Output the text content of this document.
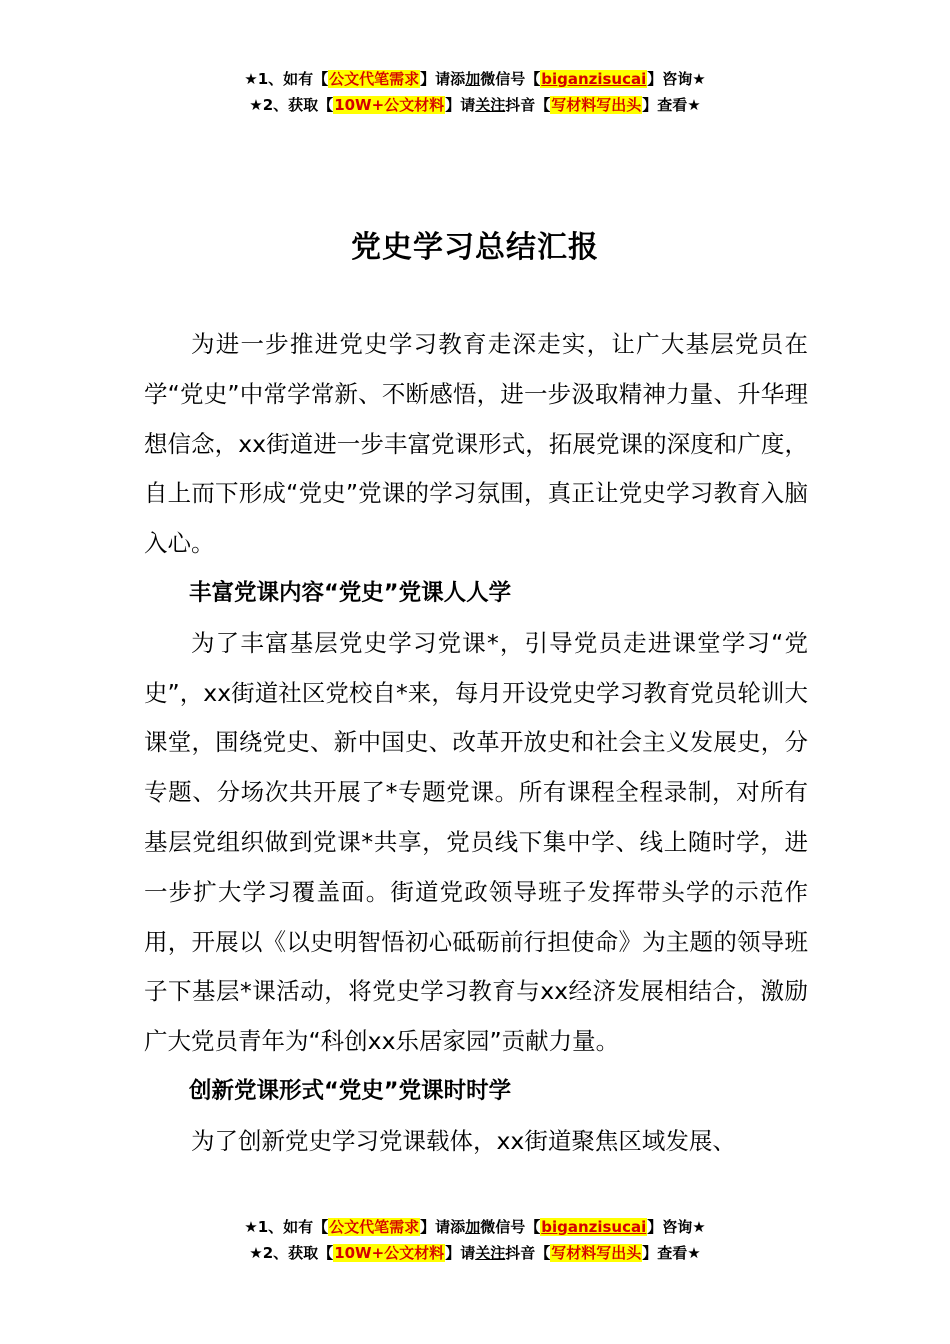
★1、如有【公文代笔需求】请添加微信号【biganzisucai】咨询★
★2、获取【10W+公文材料】请关注抖音【写材料写出头】查看★
党史学习总结汇报

为进一步推进党史学习教育走深走实，让广大基层党员在学“党史”中常学常新、不断感悟，进一步汲取精神力量、升华理想信念，xx街道进一步丰富党课形式，拓展党课的深度和广度，自上而下形成“党史”党课的学习氛围，真正让党史学习教育入脑入心。

丰富党课内容“党史”党课人人学

为了丰富基层党史学习党课*，引导党员走进课堂学习“党史”，xx街道社区党校自*来，每月开设党史学习教育党员轮训大课堂，围绕党史、新中国史、改革开放史和社会主义发展史，分专题、分场次共开展了*专题党课。所有课程全程录制，对所有基层党组织做到党课*共享，党员线下集中学、线上随时学，进一步扩大学习覆盖面。街道党政领导班子发挥带头学的示范作用，开展以《以史明智悟初心砥砺前行担使命》为主题的领导班子下基层*课活动，将党史学习教育与xx经济发展相结合，激励广大党员青年为“科创xx乐居家园”贡献力量。

创新党课形式“党史”党课时时学

为了创新党史学习党课载体，xx街道聚焦区域发展、

★1、如有【公文代笔需求】请添加微信号【biganzisucai】咨询★
★2、获取【10W+公文材料】请关注抖音【写材料写出头】查看★
